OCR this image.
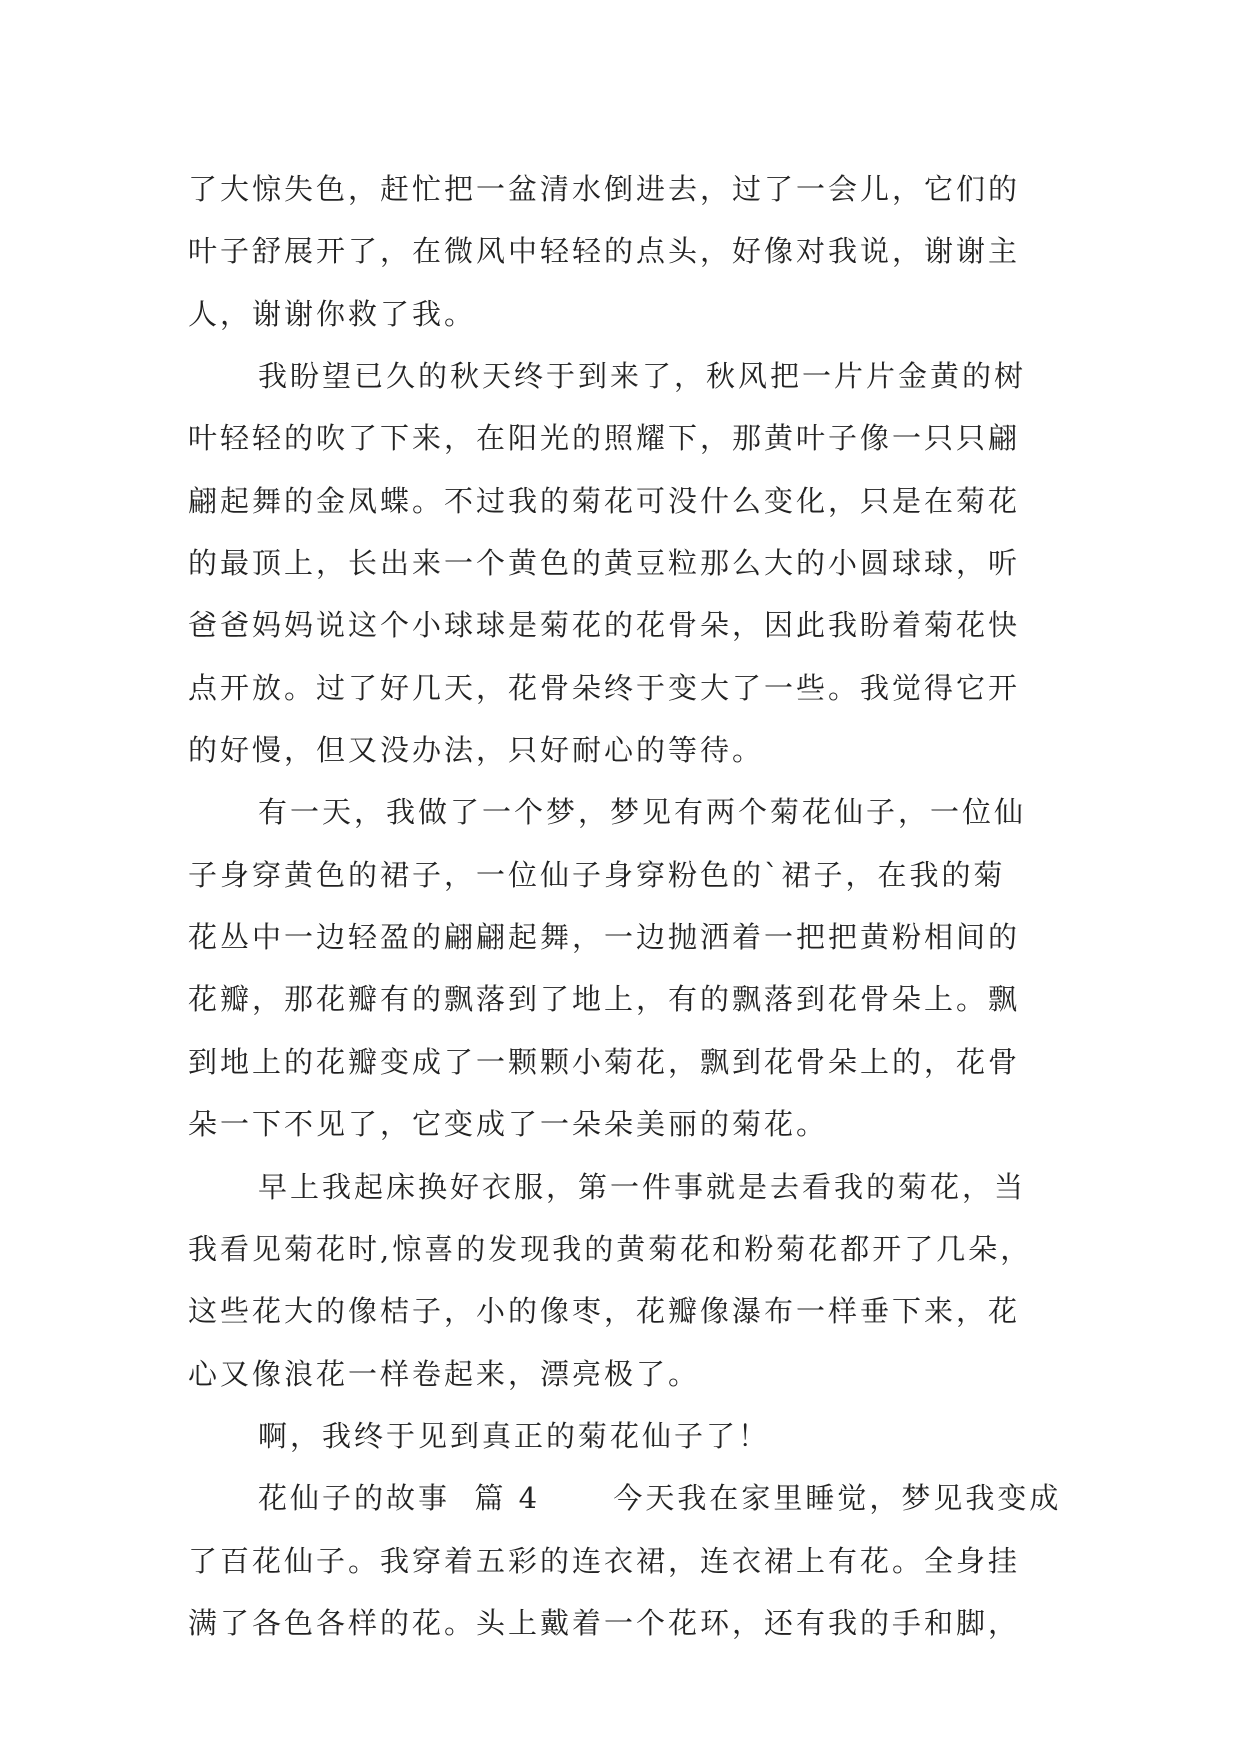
了大惊失色，赶忙把一盆清水倒进去，过了一会儿，它们的
叶子舒展开了，在微风中轻轻的点头，好像对我说，谢谢主
人，谢谢你救了我。
我盼望已久的秋天终于到来了，秋风把一片片金黄的树
叶轻轻的吹了下来，在阳光的照耀下，那黄叶子像一只只翩
翩起舞的金凤蝶。不过我的菊花可没什么变化，只是在菊花
的最顶上，长出来一个黄色的黄豆粒那么大的小圆球球，听
爸爸妈妈说这个小球球是菊花的花骨朵，因此我盼着菊花快
点开放。过了好几天，花骨朵终于变大了一些。我觉得它开
的好慢，但又没办法，只好耐心的等待。
有一天，我做了一个梦，梦见有两个菊花仙子，一位仙
子身穿黄色的裙子，一位仙子身穿粉色的`裙子，在我的菊
花丛中一边轻盈的翩翩起舞，一边抛洒着一把把黄粉相间的
花瓣，那花瓣有的飘落到了地上，有的飘落到花骨朵上。飘
到地上的花瓣变成了一颗颗小菊花，飘到花骨朵上的，花骨
朵一下不见了，它变成了一朵朵美丽的菊花。
早上我起床换好衣服，第一件事就是去看我的菊花，当
我看见菊花时,惊喜的发现我的黄菊花和粉菊花都开了几朵，
这些花大的像桔子，小的像枣，花瓣像瀑布一样垂下来，花
心又像浪花一样卷起来，漂亮极了。
啊，我终于见到真正的菊花仙子了！
花仙子的故事  篇 4      今天我在家里睡觉，梦见我变成
了百花仙子。我穿着五彩的连衣裙，连衣裙上有花。全身挂
满了各色各样的花。头上戴着一个花环，还有我的手和脚，
